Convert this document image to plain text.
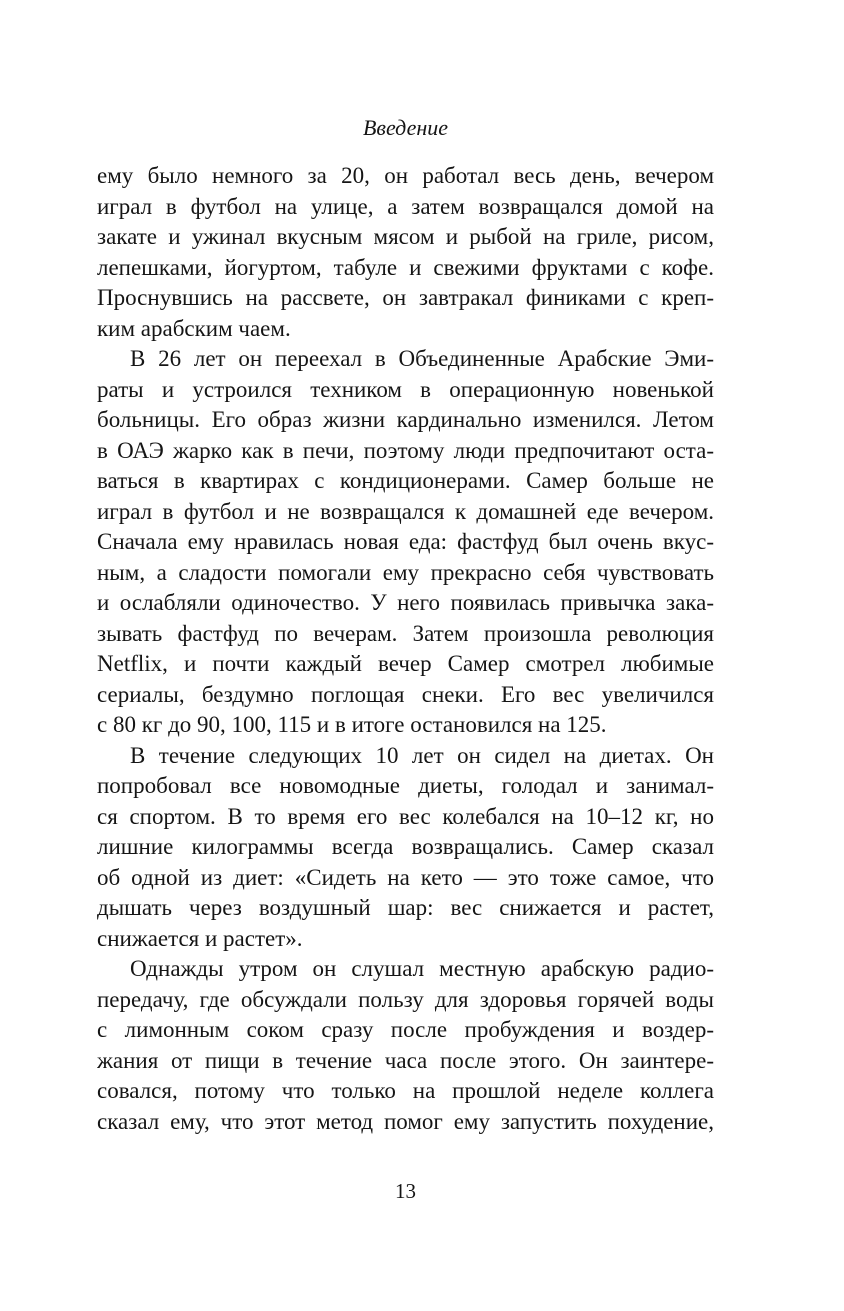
Введение
ему было немного за 20, он работал весь день, вечером
играл в футбол на улице, а затем возвращался домой на
закате и ужинал вкусным мясом и рыбой на гриле, рисом,
лепешками, йогуртом, табуле и свежими фруктами с кофе.
Проснувшись на рассвете, он завтракал финиками с креп-
ким арабским чаем.
В 26 лет он переехал в Объединенные Арабские Эми-
раты и устроился техником в операционную новенькой
больницы. Его образ жизни кардинально изменился. Летом
в ОАЭ жарко как в печи, поэтому люди предпочитают оста-
ваться в квартирах с кондиционерами. Самер больше не
играл в футбол и не возвращался к домашней еде вечером.
Сначала ему нравилась новая еда: фастфуд был очень вкус-
ным, а сладости помогали ему прекрасно себя чувствовать
и ослабляли одиночество. У него появилась привычка зака-
зывать фастфуд по вечерам. Затем произошла революция
Netflix, и почти каждый вечер Самер смотрел любимые
сериалы, бездумно поглощая снеки. Его вес увеличился
с 80 кг до 90, 100, 115 и в итоге остановился на 125.
В течение следующих 10 лет он сидел на диетах. Он
попробовал все новомодные диеты, голодал и занимал-
ся спортом. В то время его вес колебался на 10–12 кг, но
лишние килограммы всегда возвращались. Самер сказал
об одной из диет: «Сидеть на кето — это тоже самое, что
дышать через воздушный шар: вес снижается и растет,
снижается и растет».
Однажды утром он слушал местную арабскую радио-
передачу, где обсуждали пользу для здоровья горячей воды
с лимонным соком сразу после пробуждения и воздер-
жания от пищи в течение часа после этого. Он заинтере-
совался, потому что только на прошлой неделе коллега
сказал ему, что этот метод помог ему запустить похудение,
13
